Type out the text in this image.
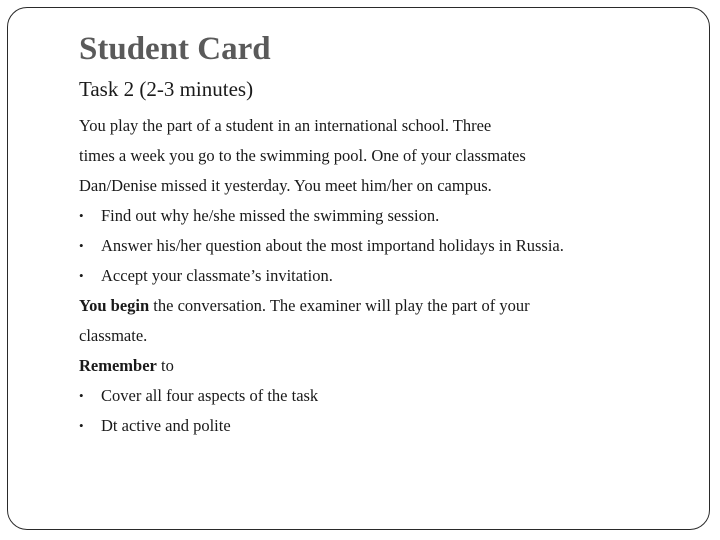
Student Card
Task 2 (2-3 minutes)
You play the part of a student in an international school. Three
times a week you go to the swimming pool. One of your classmates
Dan/Denise missed it yesterday. You meet him/her on campus.
•	Find out why he/she missed the swimming session.
•	Answer his/her question about the most importand holidays in Russia.
•	Accept your classmate’s invitation.
You begin the conversation. The examiner will play the part of your
classmate.
Remember to
•	Cover all four aspects of the task
•	Dt active and polite
